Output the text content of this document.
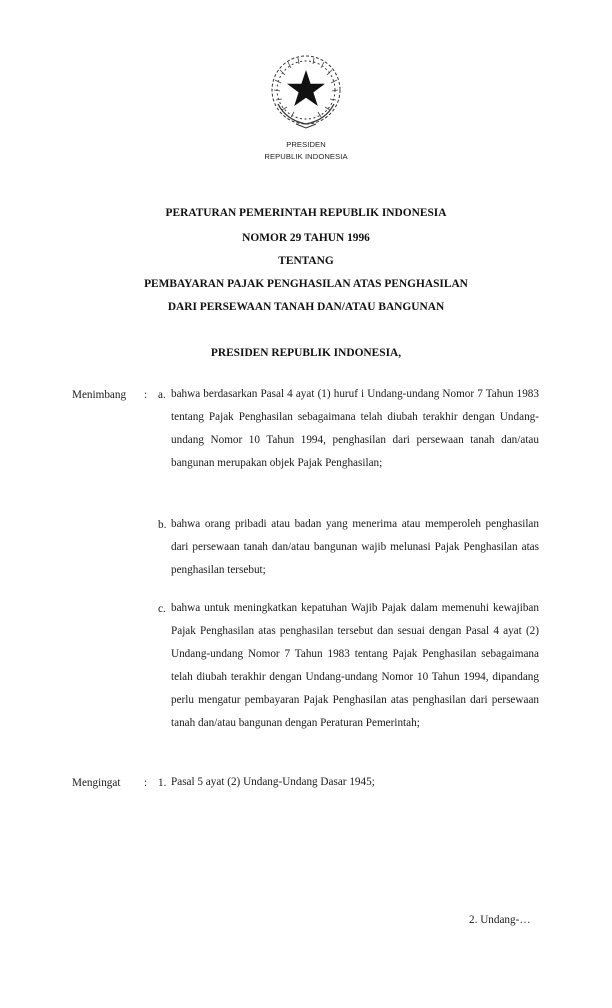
PRESIDEN
REPUBLIK INDONESIA
PERATURAN PEMERINTAH REPUBLIK INDONESIA
NOMOR 29 TAHUN 1996
TENTANG
PEMBAYARAN PAJAK PENGHASILAN ATAS PENGHASILAN
DARI PERSEWAAN TANAH DAN/ATAU BANGUNAN
PRESIDEN REPUBLIK INDONESIA,
Menimbang : a. bahwa berdasarkan Pasal 4 ayat (1) huruf i Undang-undang Nomor 7 Tahun 1983 tentang Pajak Penghasilan sebagaimana telah diubah terakhir dengan Undang-undang Nomor 10 Tahun 1994, penghasilan dari persewaan tanah dan/atau bangunan merupakan objek Pajak Penghasilan;
b. bahwa orang pribadi atau badan yang menerima atau memperoleh penghasilan dari persewaan tanah dan/atau bangunan wajib melunasi Pajak Penghasilan atas penghasilan tersebut;
c. bahwa untuk meningkatkan kepatuhan Wajib Pajak dalam memenuhi kewajiban Pajak Penghasilan atas penghasilan tersebut dan sesuai dengan Pasal 4 ayat (2) Undang-undang Nomor 7 Tahun 1983 tentang Pajak Penghasilan sebagaimana telah diubah terakhir dengan Undang-undang Nomor 10 Tahun 1994, dipandang perlu mengatur pembayaran Pajak Penghasilan atas penghasilan dari persewaan tanah dan/atau bangunan dengan Peraturan Pemerintah;
Mengingat : 1. Pasal 5 ayat (2) Undang-Undang Dasar 1945;
2. Undang-…
